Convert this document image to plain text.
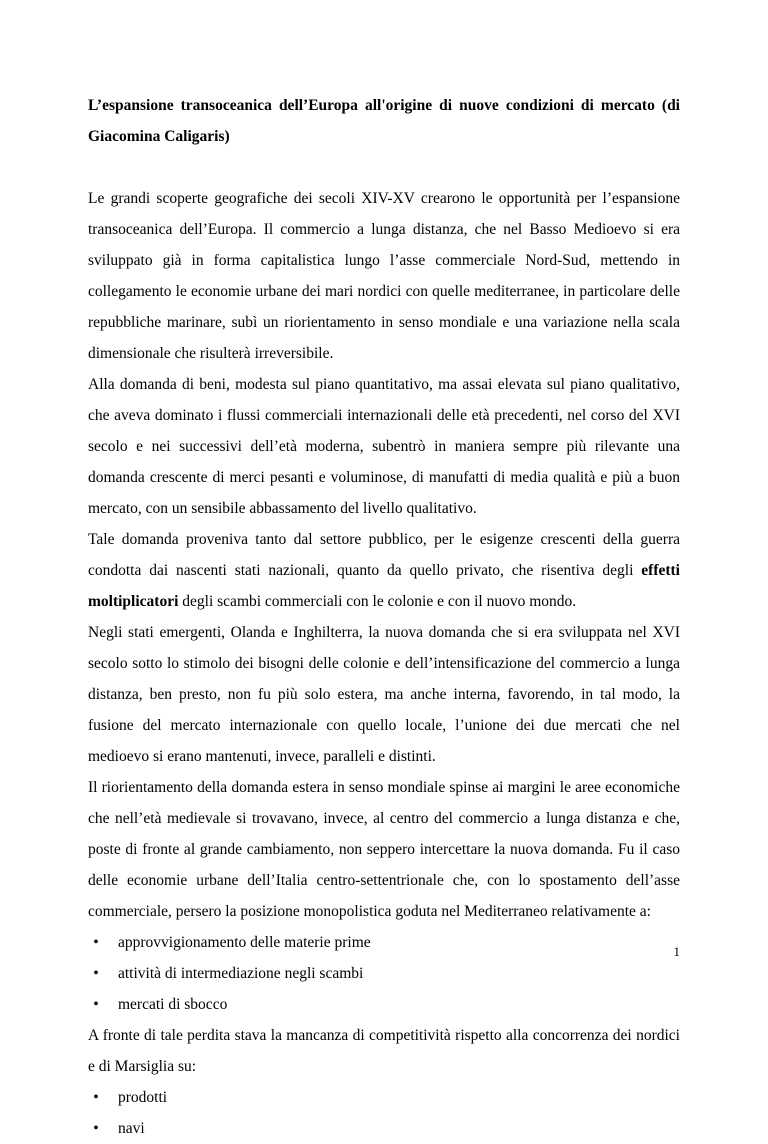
L’espansione transoceanica dell’Europa all'origine di nuove condizioni di mercato (di Giacomina Caligaris)

Le grandi scoperte geografiche dei secoli XIV-XV crearono le opportunità per l’espansione transoceanica dell’Europa. Il commercio a lunga distanza, che nel Basso Medioevo si era sviluppato già in forma capitalistica lungo l’asse commerciale Nord-Sud, mettendo in collegamento le economie urbane dei mari nordici con quelle mediterranee, in particolare delle repubbliche marinare, subì un riorientamento in senso mondiale e una variazione nella scala dimensionale che risulterà irreversibile.

Alla domanda di beni, modesta sul piano quantitativo, ma assai elevata sul piano qualitativo, che aveva dominato i flussi commerciali internazionali delle età precedenti, nel corso del XVI secolo e nei successivi dell’età moderna, subentrò in maniera sempre più rilevante una domanda crescente di merci pesanti e voluminose, di manufatti di media qualità e più a buon mercato, con un sensibile abbassamento del livello qualitativo.

Tale domanda proveniva tanto dal settore pubblico, per le esigenze crescenti della guerra condotta dai nascenti stati nazionali, quanto da quello privato, che risentiva degli effetti moltiplicatori degli scambi commerciali con le colonie e con il nuovo mondo.

Negli stati emergenti, Olanda e Inghilterra, la nuova domanda che si era sviluppata nel XVI secolo sotto lo stimolo dei bisogni delle colonie e dell’intensificazione del commercio a lunga distanza, ben presto, non fu più solo estera, ma anche interna, favorendo, in tal modo, la fusione del mercato internazionale con quello locale, l’unione dei due mercati che nel medioevo si erano mantenuti, invece, paralleli e distinti.

Il riorientamento della domanda estera in senso mondiale spinse ai margini le aree economiche che nell’età medievale si trovavano, invece, al centro del commercio a lunga distanza e che, poste di fronte al grande cambiamento, non seppero intercettare la nuova domanda. Fu il caso delle economie urbane dell’Italia centro-settentrionale che, con lo spostamento dell’asse commerciale, persero la posizione monopolistica goduta nel Mediterraneo relativamente a:

• approvvigionamento delle materie prime
• attività di intermediazione negli scambi
• mercati di sbocco

A fronte di tale perdita stava la mancanza di competitività rispetto alla concorrenza dei nordici e di Marsiglia su:

• prodotti
• navi
1
